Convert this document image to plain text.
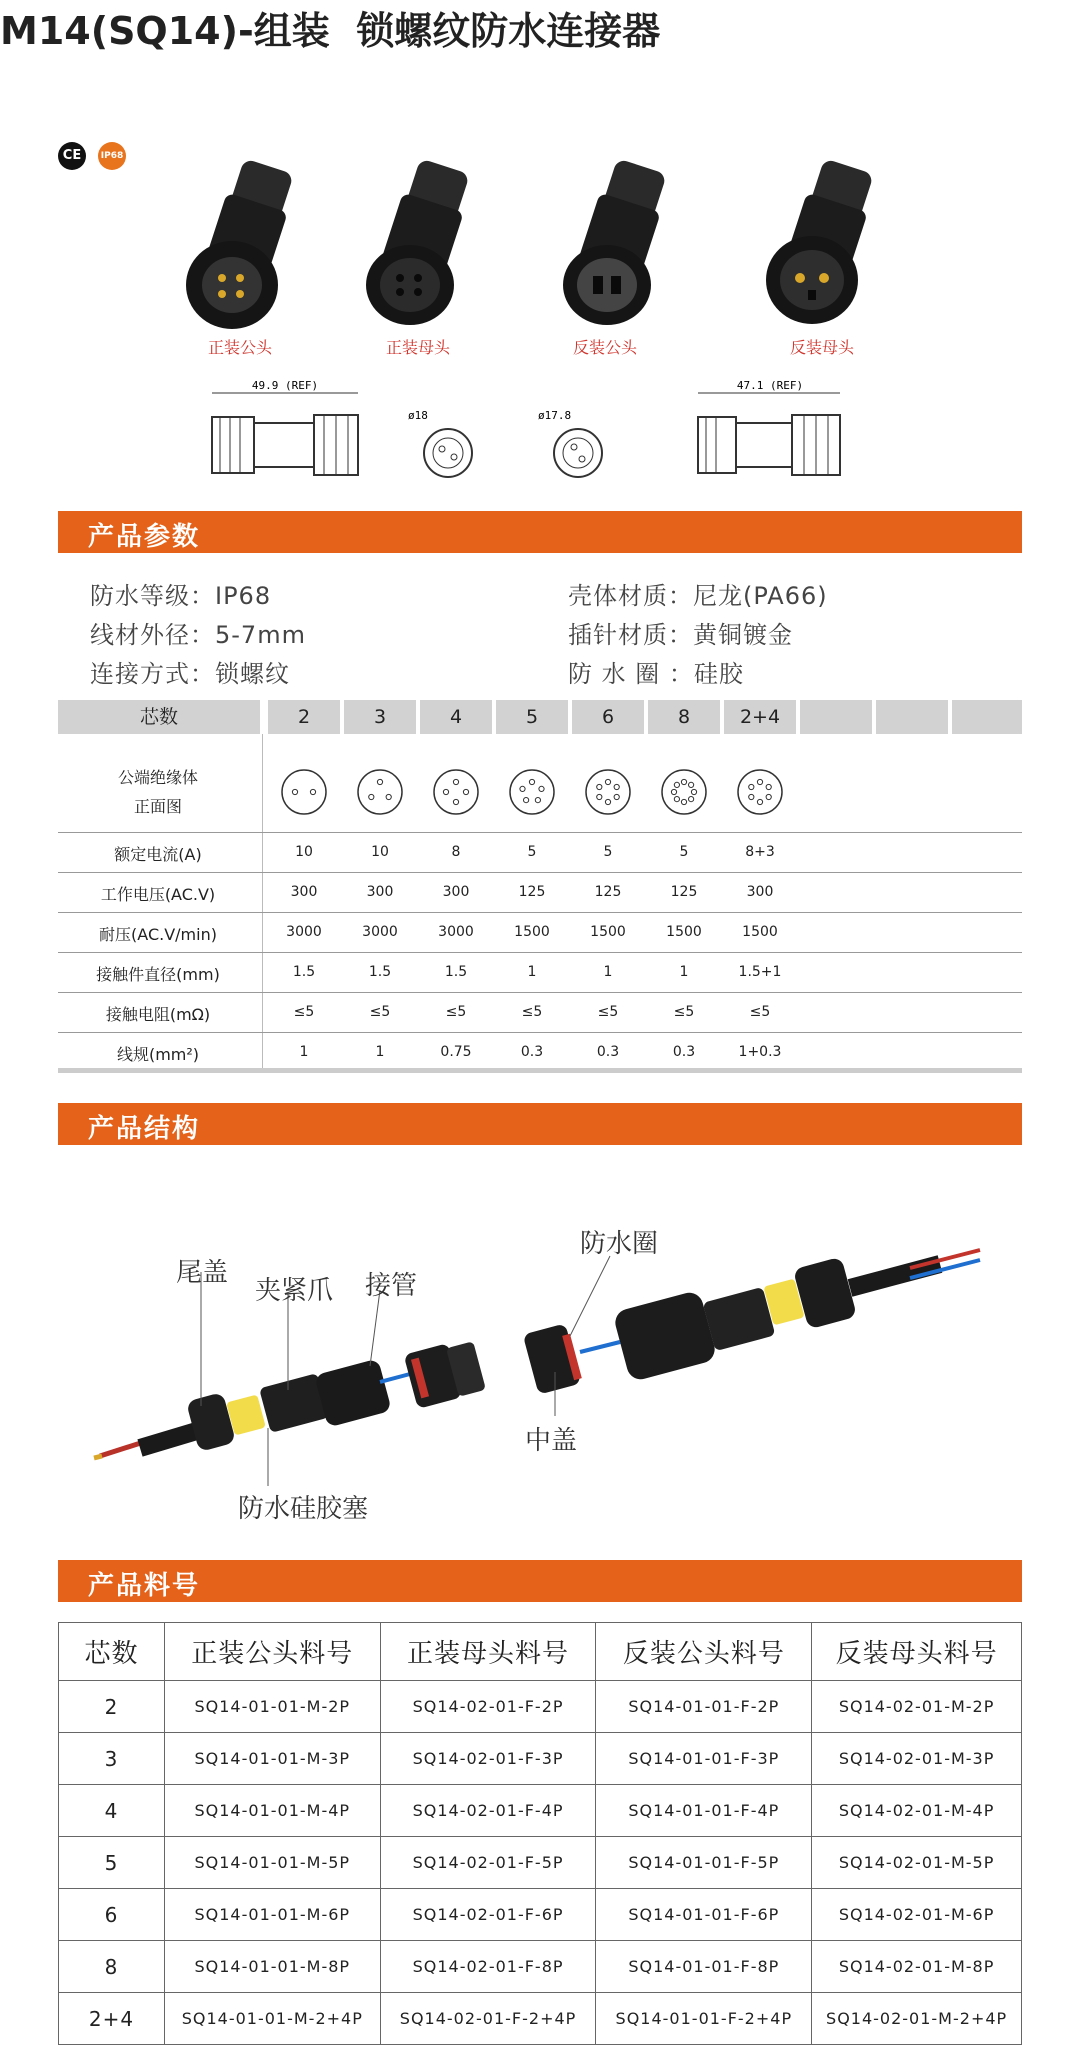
M14(SQ14)-组装  锁螺纹防水连接器
CE	IP68
正装公头	正装母头	反装公头	反装母头
49.9 (REF)
ø18	ø17.8
47.1 (REF)
产品参数
防水等级：IP68
线材外径：5-7mm
连接方式：锁螺纹
壳体材质：尼龙(PA66)
插针材质：黄铜镀金
防 水 圈 ：硅胶
芯数	2	3	4	5	6	8	2+4
公端绝缘体
正面图
额定电流(A)	10	10	8	5	5	5	8+3
工作电压(AC.V)	300	300	300	125	125	125	300
耐压(AC.V/min)	3000	3000	3000	1500	1500	1500	1500
接触件直径(mm)	1.5	1.5	1.5	1	1	1	1.5+1
接触电阻(mΩ)	≤5	≤5	≤5	≤5	≤5	≤5	≤5
线规(mm²)	1	1	0.75	0.3	0.3	0.3	1+0.3
产品结构
尾盖
夹紧爪 接管
防水圈
中盖
防水硅胶塞
产品料号
芯数	正装公头料号	正装母头料号	反装公头料号	反装母头料号
2	SQ14-01-01-M-2P	SQ14-02-01-F-2P	SQ14-01-01-F-2P	SQ14-02-01-M-2P
3	SQ14-01-01-M-3P	SQ14-02-01-F-3P	SQ14-01-01-F-3P	SQ14-02-01-M-3P
4	SQ14-01-01-M-4P	SQ14-02-01-F-4P	SQ14-01-01-F-4P	SQ14-02-01-M-4P
5	SQ14-01-01-M-5P	SQ14-02-01-F-5P	SQ14-01-01-F-5P	SQ14-02-01-M-5P
6	SQ14-01-01-M-6P	SQ14-02-01-F-6P	SQ14-01-01-F-6P	SQ14-02-01-M-6P
8	SQ14-01-01-M-8P	SQ14-02-01-F-8P	SQ14-01-01-F-8P	SQ14-02-01-M-8P
2+4	SQ14-01-01-M-2+4P	SQ14-02-01-F-2+4P	SQ14-01-01-F-2+4P	SQ14-02-01-M-2+4P
